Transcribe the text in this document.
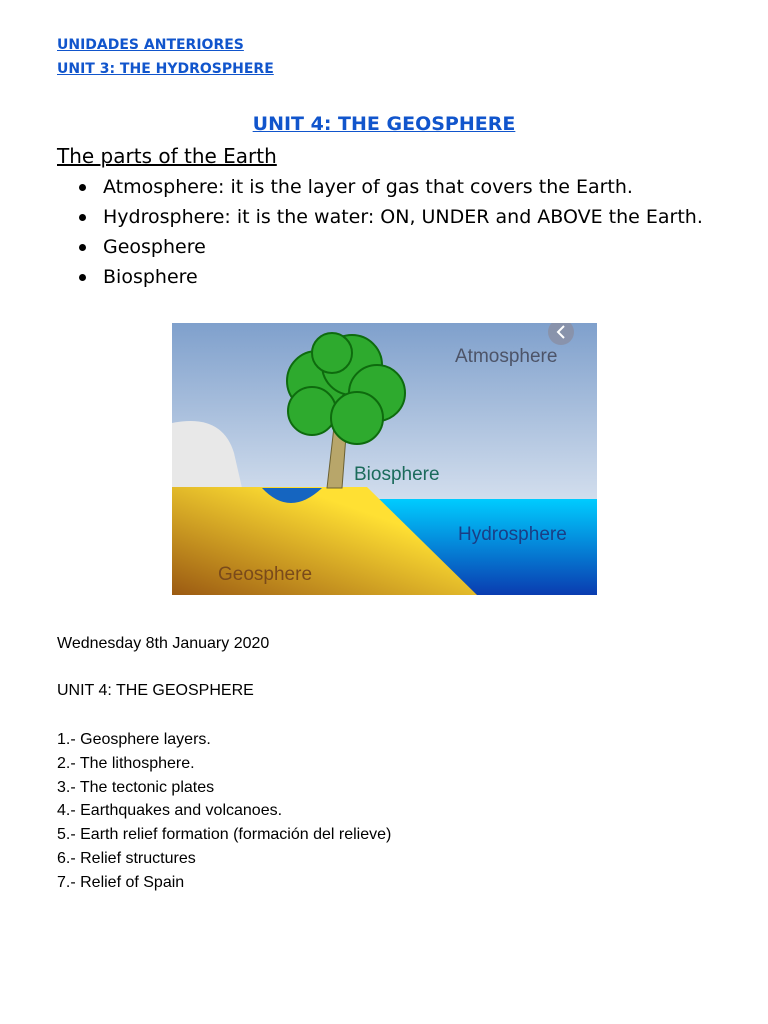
UNIDADES ANTERIORES
UNIT 3: THE HYDROSPHERE
UNIT 4: THE GEOSPHERE
The parts of the Earth
Atmosphere: it is the layer of gas that covers the Earth.
Hydrosphere: it is the water: ON, UNDER and ABOVE the Earth.
Geosphere
Biosphere
Atmosphere
Biosphere
Hydrosphere
Geosphere

Wednesday 8th January 2020

UNIT 4: THE GEOSPHERE

1.- Geosphere layers.
2.- The lithosphere.
3.- The tectonic plates
4.- Earthquakes and volcanoes.
5.- Earth relief formation (formación del relieve)
6.- Relief structures
7.- Relief of Spain
